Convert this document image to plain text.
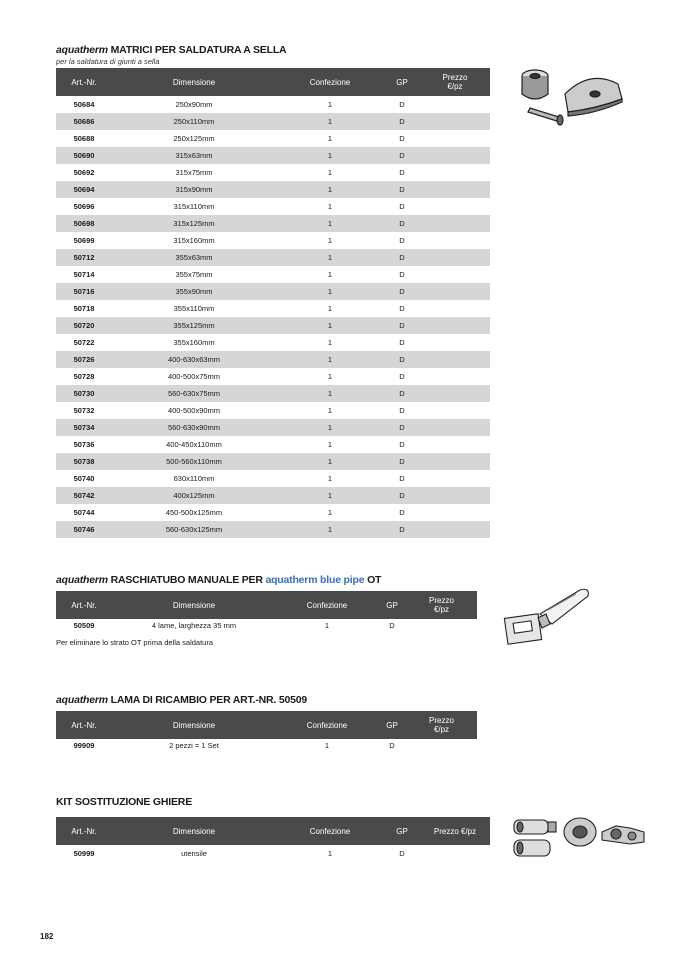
aquatherm MATRICI PER SALDATURA A SELLA
per la saldatura di giunti a sella
Art.-Nr.	Dimensione	Confezione	GP	Prezzo
€/pz
50684	250x90mm	1	D	
50686	250x110mm	1	D	
50688	250x125mm	1	D	
50690	315x63mm	1	D	
50692	315x75mm	1	D	
50694	315x90mm	1	D	
50696	315x110mm	1	D	
50698	315x125mm	1	D	
50699	315x160mm	1	D	
50712	355x63mm	1	D	
50714	355x75mm	1	D	
50716	355x90mm	1	D	
50718	355x110mm	1	D	
50720	355x125mm	1	D	
50722	355x160mm	1	D	
50726	400-630x63mm	1	D	
50728	400-500x75mm	1	D	
50730	560-630x75mm	1	D	
50732	400-500x90mm	1	D	
50734	560-630x90mm	1	D	
50736	400-450x110mm	1	D	
50738	500-560x110mm	1	D	
50740	630x110mm	1	D	
50742	400x125mm	1	D	
50744	450-500x125mm	1	D	
50746	560-630x125mm	1	D	
aquatherm RASCHIATUBO MANUALE PER aquatherm blue pipe OT
Art.-Nr.	Dimensione	Confezione	GP	Prezzo
€/pz
50509	4 lame, larghezza 35 mm	1	D	
Per eliminare lo strato OT prima della saldatura
aquatherm LAMA DI RICAMBIO PER ART.-NR. 50509
Art.-Nr.	Dimensione	Confezione	GP	Prezzo
€/pz
99909	2 pezzi = 1 Set	1	D	
KIT SOSTITUZIONE GHIERE
Art.-Nr.	Dimensione	Confezione	GP	Prezzo €/pz
50999	utensile	1	D	
182
